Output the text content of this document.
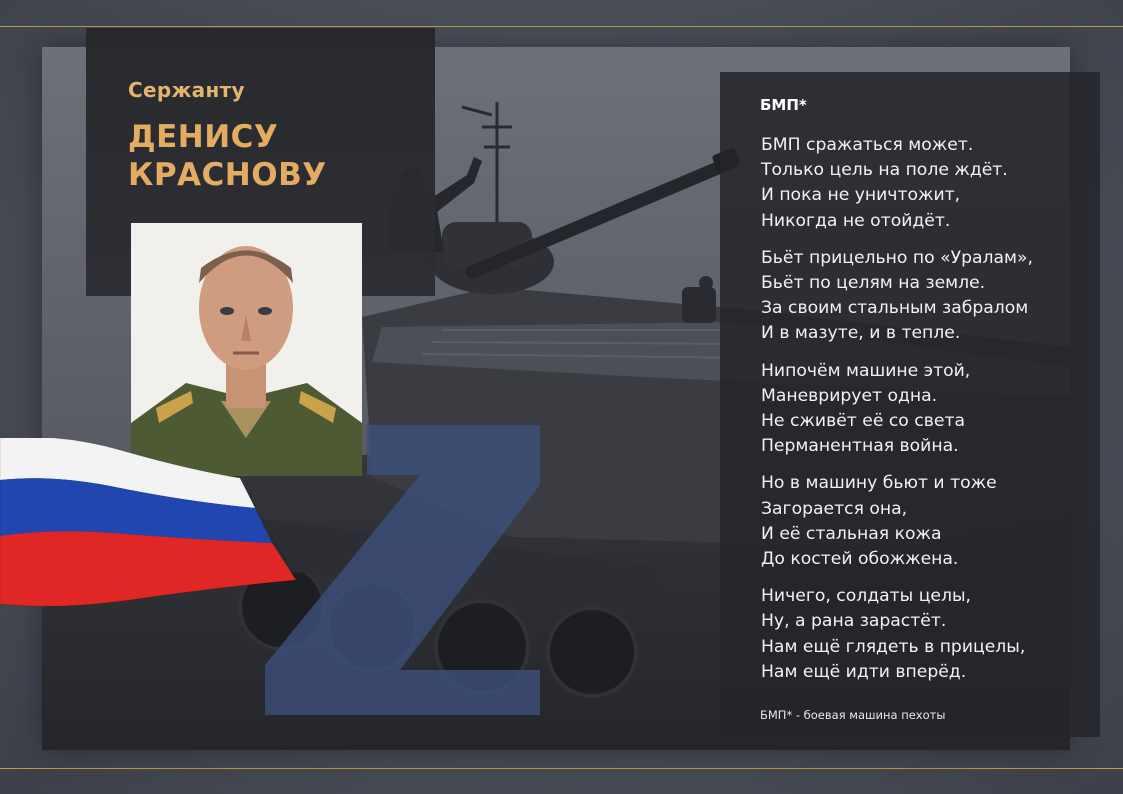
Сержанту
ДЕНИСУ
КРАСНОВУ
БМП*
БМП сражаться может.
Только цель на поле ждёт.
И пока не уничтожит,
Никогда не отойдёт.
Бьёт прицельно по «Уралам»,
Бьёт по целям на земле.
За своим стальным забралом
И в мазуте, и в тепле.
Нипочём машине этой,
Маневрирует одна.
Не сживёт её со света
Перманентная война.
Но в машину бьют и тоже
Загорается она,
И её стальная кожа
До костей обожжена.
Ничего, солдаты целы,
Ну, а рана зарастёт.
Нам ещё глядеть в прицелы,
Нам ещё идти вперёд.
БМП* - боевая машина пехоты
